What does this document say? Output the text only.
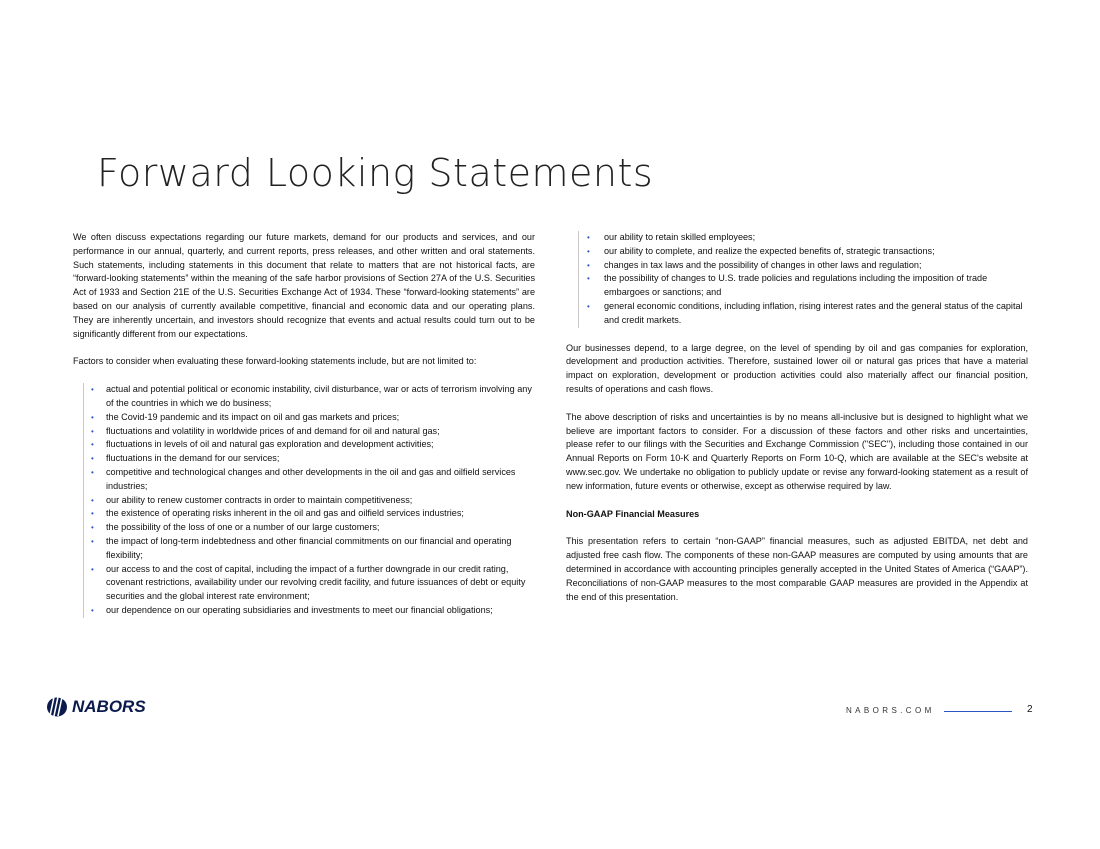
Forward Looking Statements

We often discuss expectations regarding our future markets, demand for our products and services, and our performance in our annual, quarterly, and current reports, press releases, and other written and oral statements. Such statements, including statements in this document that relate to matters that are not historical facts, are “forward-looking statements” within the meaning of the safe harbor provisions of Section 27A of the U.S. Securities Act of 1933 and Section 21E of the U.S. Securities Exchange Act of 1934. These “forward-looking statements” are based on our analysis of currently available competitive, financial and economic data and our operating plans. They are inherently uncertain, and investors should recognize that events and actual results could turn out to be significantly different from our expectations.

Factors to consider when evaluating these forward-looking statements include, but are not limited to:

• actual and potential political or economic instability, civil disturbance, war or acts of terrorism involving any of the countries in which we do business;
• the Covid-19 pandemic and its impact on oil and gas markets and prices;
• fluctuations and volatility in worldwide prices of and demand for oil and natural gas;
• fluctuations in levels of oil and natural gas exploration and development activities;
• fluctuations in the demand for our services;
• competitive and technological changes and other developments in the oil and gas and oilfield services industries;
• our ability to renew customer contracts in order to maintain competitiveness;
• the existence of operating risks inherent in the oil and gas and oilfield services industries;
• the possibility of the loss of one or a number of our large customers;
• the impact of long-term indebtedness and other financial commitments on our financial and operating flexibility;
• our access to and the cost of capital, including the impact of a further downgrade in our credit rating, covenant restrictions, availability under our revolving credit facility, and future issuances of debt or equity securities and the global interest rate environment;
• our dependence on our operating subsidiaries and investments to meet our financial obligations;
• our ability to retain skilled employees;
• our ability to complete, and realize the expected benefits of, strategic transactions;
• changes in tax laws and the possibility of changes in other laws and regulation;
• the possibility of changes to U.S. trade policies and regulations including the imposition of trade embargoes or sanctions; and
• general economic conditions, including inflation, rising interest rates and the general status of the capital and credit markets.

Our businesses depend, to a large degree, on the level of spending by oil and gas companies for exploration, development and production activities. Therefore, sustained lower oil or natural gas prices that have a material impact on exploration, development or production activities could also materially affect our financial position, results of operations and cash flows.

The above description of risks and uncertainties is by no means all-inclusive but is designed to highlight what we believe are important factors to consider. For a discussion of these factors and other risks and uncertainties, please refer to our filings with the Securities and Exchange Commission ("SEC"), including those contained in our Annual Reports on Form 10-K and Quarterly Reports on Form 10-Q, which are available at the SEC's website at www.sec.gov. We undertake no obligation to publicly update or revise any forward-looking statement as a result of new information, future events or otherwise, except as otherwise required by law.

Non-GAAP Financial Measures

This presentation refers to certain “non-GAAP” financial measures, such as adjusted EBITDA, net debt and adjusted free cash flow. The components of these non-GAAP measures are computed by using amounts that are determined in accordance with accounting principles generally accepted in the United States of America (“GAAP”). Reconciliations of non-GAAP measures to the most comparable GAAP measures are provided in the Appendix at the end of this presentation.

NABORS	NABORS.COM	2
